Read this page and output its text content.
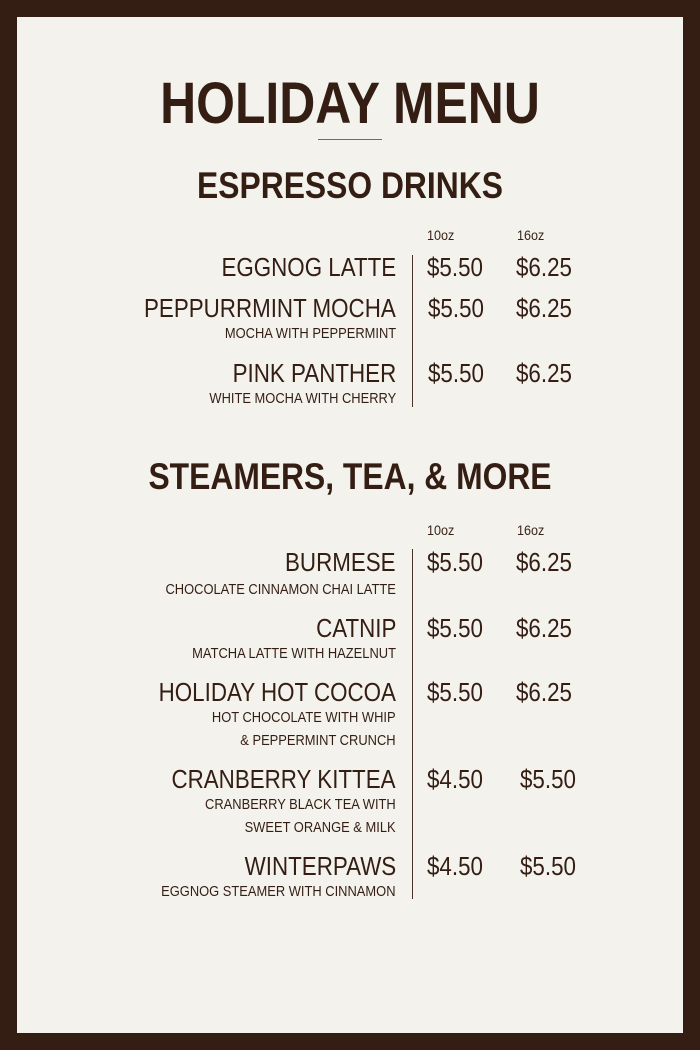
HOLIDAY MENU
ESPRESSO DRINKS
10oz	16oz
EGGNOG LATTE $5.50 $6.25
PEPPURRMINT MOCHA
MOCHA WITH PEPPERMINT
$5.50 $6.25
PINK PANTHER
WHITE MOCHA WITH CHERRY
$5.50 $6.25
STEAMERS, TEA, & MORE
10oz	16oz
BURMESE
CHOCOLATE CINNAMON CHAI LATTE
$5.50 $6.25
CATNIP
MATCHA LATTE WITH HAZELNUT
$5.50 $6.25
HOLIDAY HOT COCOA
HOT CHOCOLATE WITH WHIP
& PEPPERMINT CRUNCH
$5.50 $6.25
CRANBERRY KITTEA
CRANBERRY BLACK TEA WITH
SWEET ORANGE & MILK
$4.50 $5.50
WINTERPAWS
EGGNOG STEAMER WITH CINNAMON
$4.50 $5.50
